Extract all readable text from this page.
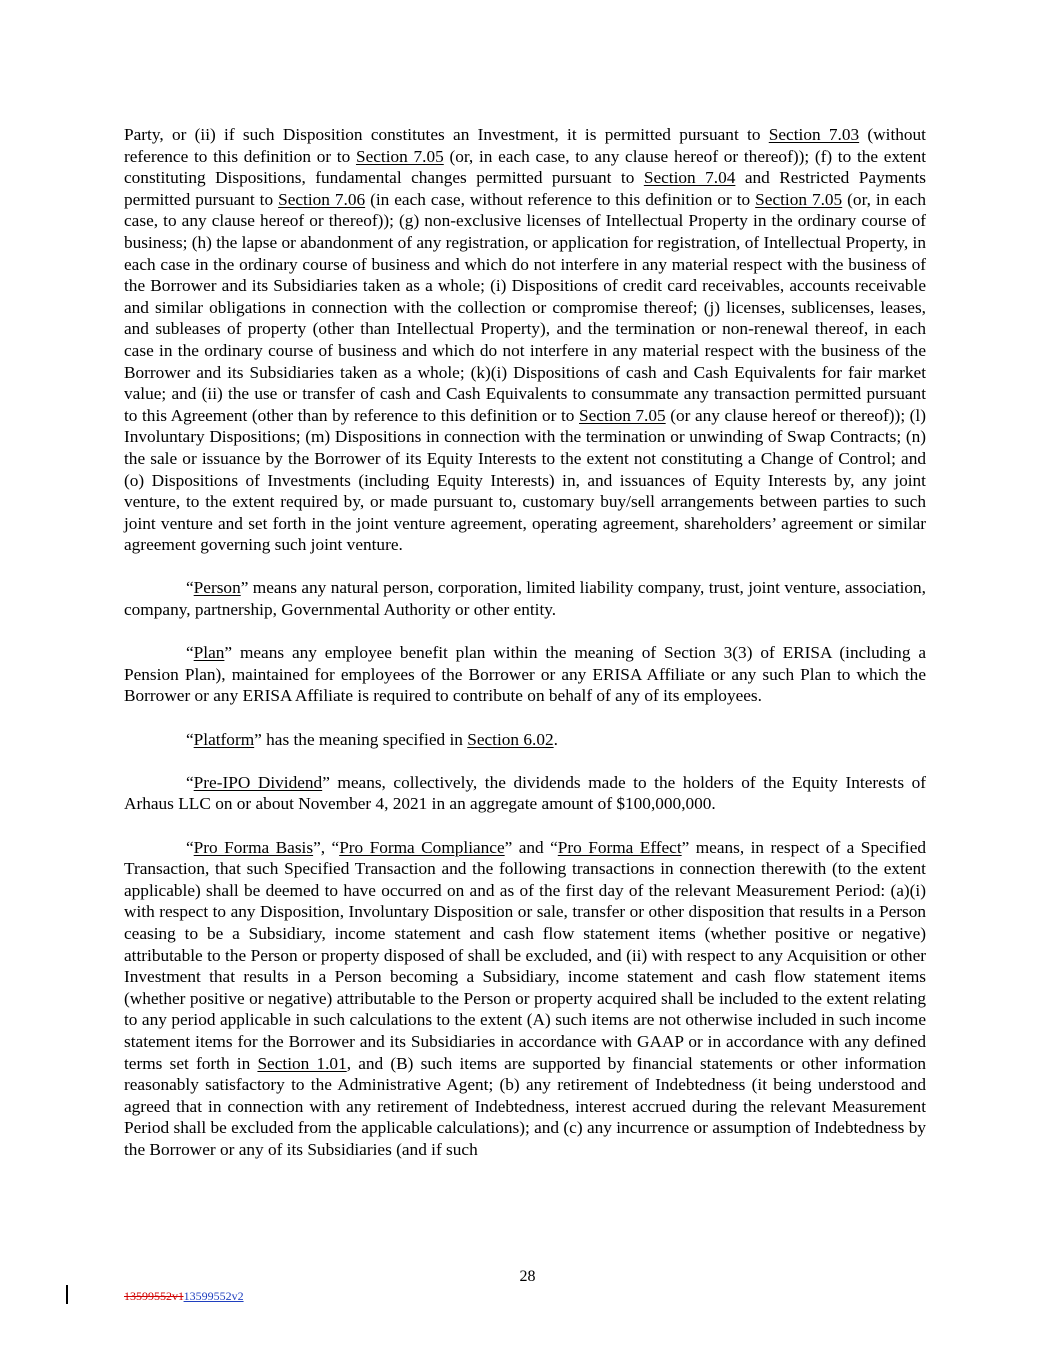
Party, or (ii) if such Disposition constitutes an Investment, it is permitted pursuant to Section 7.03 (without reference to this definition or to Section 7.05 (or, in each case, to any clause hereof or thereof)); (f) to the extent constituting Dispositions, fundamental changes permitted pursuant to Section 7.04 and Restricted Payments permitted pursuant to Section 7.06 (in each case, without reference to this definition or to Section 7.05 (or, in each case, to any clause hereof or thereof)); (g) non-exclusive licenses of Intellectual Property in the ordinary course of business; (h) the lapse or abandonment of any registration, or application for registration, of Intellectual Property, in each case in the ordinary course of business and which do not interfere in any material respect with the business of the Borrower and its Subsidiaries taken as a whole; (i) Dispositions of credit card receivables, accounts receivable and similar obligations in connection with the collection or compromise thereof; (j) licenses, sublicenses, leases, and subleases of property (other than Intellectual Property), and the termination or non-renewal thereof, in each case in the ordinary course of business and which do not interfere in any material respect with the business of the Borrower and its Subsidiaries taken as a whole; (k)(i) Dispositions of cash and Cash Equivalents for fair market value; and (ii) the use or transfer of cash and Cash Equivalents to consummate any transaction permitted pursuant to this Agreement (other than by reference to this definition or to Section 7.05 (or any clause hereof or thereof)); (l) Involuntary Dispositions; (m) Dispositions in connection with the termination or unwinding of Swap Contracts; (n) the sale or issuance by the Borrower of its Equity Interests to the extent not constituting a Change of Control; and (o) Dispositions of Investments (including Equity Interests) in, and issuances of Equity Interests by, any joint venture, to the extent required by, or made pursuant to, customary buy/sell arrangements between parties to such joint venture and set forth in the joint venture agreement, operating agreement, shareholders’ agreement or similar agreement governing such joint venture.

“Person” means any natural person, corporation, limited liability company, trust, joint venture, association, company, partnership, Governmental Authority or other entity.

“Plan” means any employee benefit plan within the meaning of Section 3(3) of ERISA (including a Pension Plan), maintained for employees of the Borrower or any ERISA Affiliate or any such Plan to which the Borrower or any ERISA Affiliate is required to contribute on behalf of any of its employees.

“Platform” has the meaning specified in Section 6.02.

“Pre-IPO Dividend” means, collectively, the dividends made to the holders of the Equity Interests of Arhaus LLC on or about November 4, 2021 in an aggregate amount of $100,000,000.

“Pro Forma Basis”, “Pro Forma Compliance” and “Pro Forma Effect” means, in respect of a Specified Transaction, that such Specified Transaction and the following transactions in connection therewith (to the extent applicable) shall be deemed to have occurred on and as of the first day of the relevant Measurement Period: (a)(i) with respect to any Disposition, Involuntary Disposition or sale, transfer or other disposition that results in a Person ceasing to be a Subsidiary, income statement and cash flow statement items (whether positive or negative) attributable to the Person or property disposed of shall be excluded, and (ii) with respect to any Acquisition or other Investment that results in a Person becoming a Subsidiary, income statement and cash flow statement items (whether positive or negative) attributable to the Person or property acquired shall be included to the extent relating to any period applicable in such calculations to the extent (A) such items are not otherwise included in such income statement items for the Borrower and its Subsidiaries in accordance with GAAP or in accordance with any defined terms set forth in Section 1.01, and (B) such items are supported by financial statements or other information reasonably satisfactory to the Administrative Agent; (b) any retirement of Indebtedness (it being understood and agreed that in connection with any retirement of Indebtedness, interest accrued during the relevant Measurement Period shall be excluded from the applicable calculations); and (c) any incurrence or assumption of Indebtedness by the Borrower or any of its Subsidiaries (and if such

28
13599552v113599552v2
